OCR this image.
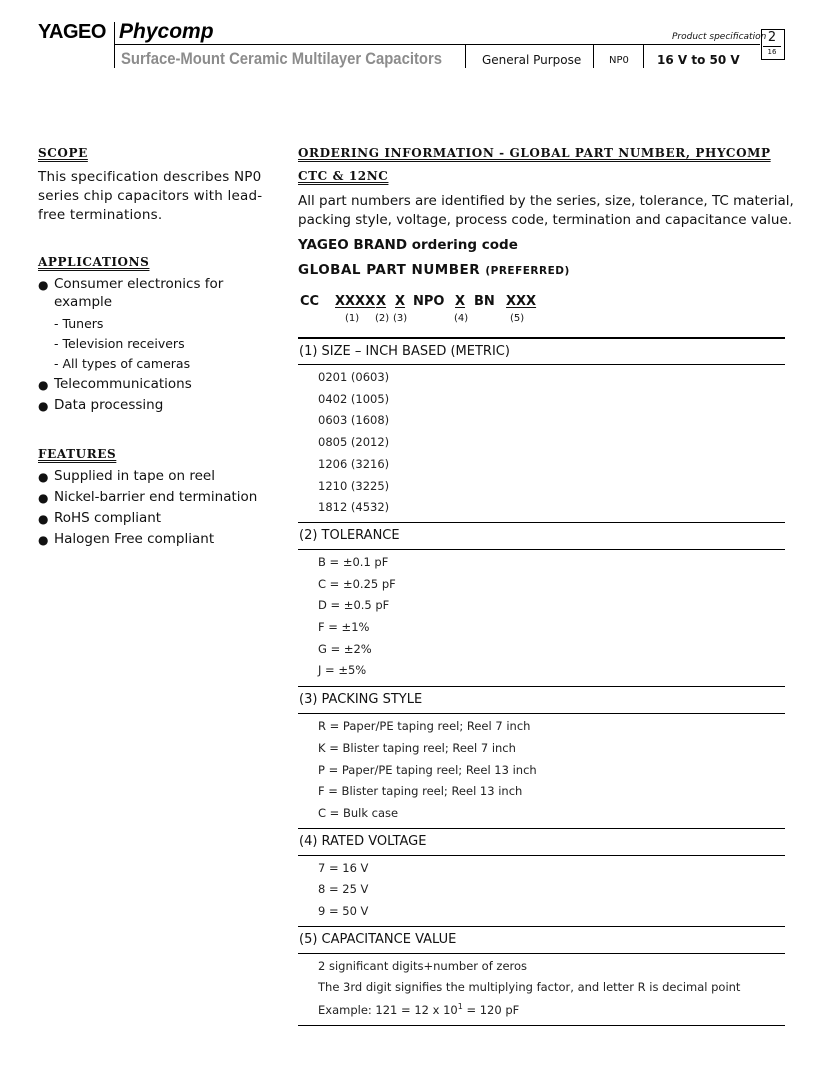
YAGEO Phycomp	Product specification 2
16
Surface-Mount Ceramic Multilayer Capacitors	General Purpose	NP0 16 V to 50 V
SCOPE
This specification describes NP0
series chip capacitors with lead-
free terminations.
APPLICATIONS
● Consumer electronics for
example
- Tuners
- Television receivers
- All types of cameras
● Telecommunications
● Data processing
FEATURES
● Supplied in tape on reel
● Nickel-barrier end termination
● RoHS compliant
● Halogen Free compliant
ORDERING INFORMATION - GLOBAL PART NUMBER, PHYCOMP
CTC & 12NC
All part numbers are identified by the series, size, tolerance, TC material,
packing style, voltage, process code, termination and capacitance value.
YAGEO BRAND ordering code
GLOBAL PART NUMBER (PREFERRED)
CC XXXX X X NPO X BN XXX
(1) (2) (3)	(4)	(5)
(1) SIZE – INCH BASED (METRIC)
0201 (0603)
0402 (1005)
0603 (1608)
0805 (2012)
1206 (3216)
1210 (3225)
1812 (4532)
(2) TOLERANCE
B = ±0.1 pF
C = ±0.25 pF
D = ±0.5 pF
F = ±1%
G = ±2%
J = ±5%
(3) PACKING STYLE
R = Paper/PE taping reel; Reel 7 inch
K = Blister taping reel; Reel 7 inch
P = Paper/PE taping reel; Reel 13 inch
F = Blister taping reel; Reel 13 inch
C = Bulk case
(4) RATED VOLTAGE
7 = 16 V
8 = 25 V
9 = 50 V
(5) CAPACITANCE VALUE
2 significant digits+number of zeros
The 3rd digit signifies the multiplying factor, and letter R is decimal point
Example: 121 = 12 x $10^1 = 120$ pF
